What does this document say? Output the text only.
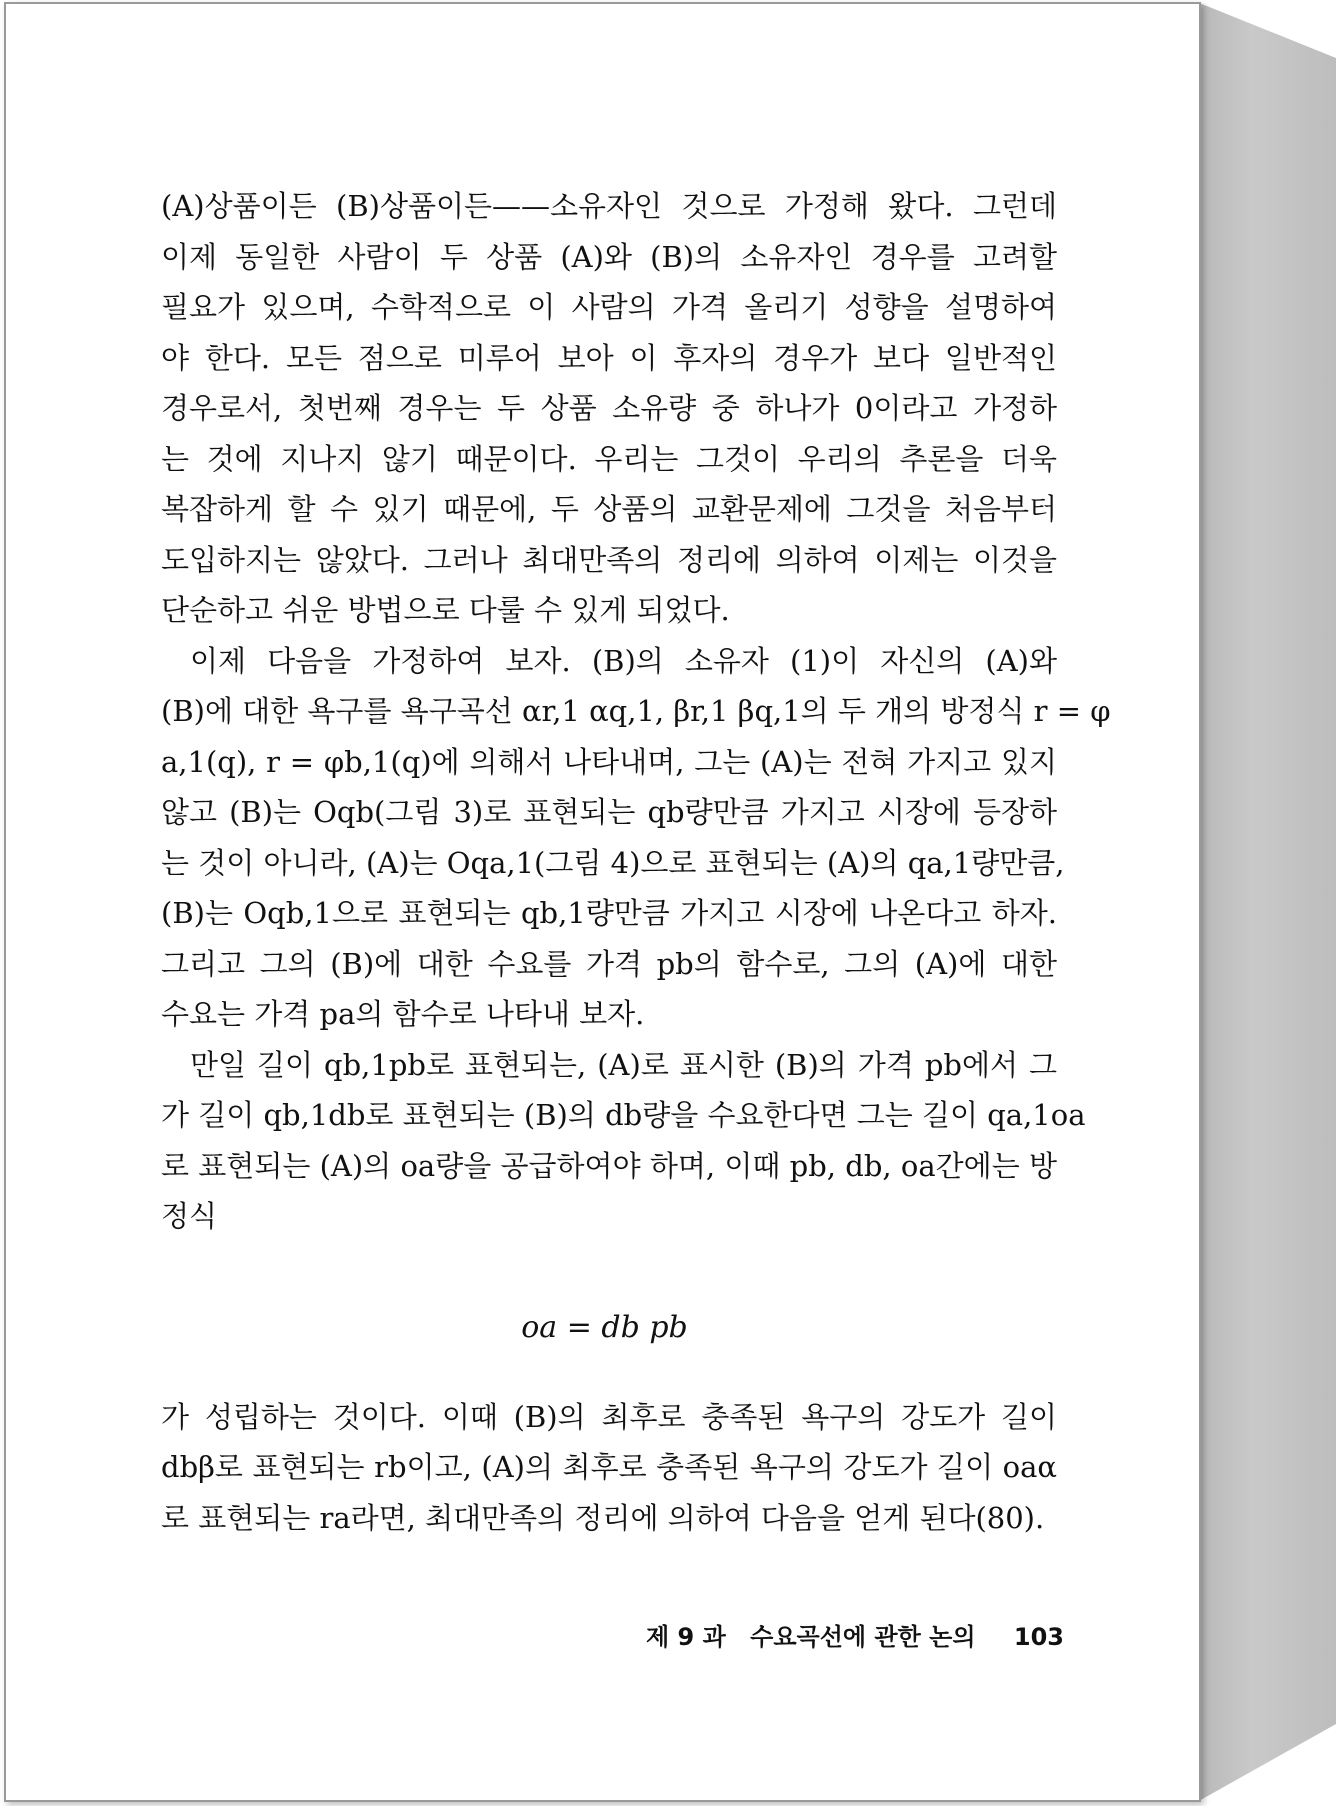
(A)상품이든 (B)상품이든——소유자인 것으로 가정해 왔다. 그런데
이제 동일한 사람이 두 상품 (A)와 (B)의 소유자인 경우를 고려할
필요가 있으며, 수학적으로 이 사람의 가격 올리기 성향을 설명하여
야 한다. 모든 점으로 미루어 보아 이 후자의 경우가 보다 일반적인
경우로서, 첫번째 경우는 두 상품 소유량 중 하나가 0이라고 가정하
는 것에 지나지 않기 때문이다. 우리는 그것이 우리의 추론을 더욱
복잡하게 할 수 있기 때문에, 두 상품의 교환문제에 그것을 처음부터
도입하지는 않았다. 그러나 최대만족의 정리에 의하여 이제는 이것을
단순하고 쉬운 방법으로 다룰 수 있게 되었다.
이제 다음을 가정하여 보자. (B)의 소유자 (1)이 자신의 (A)와
(B)에 대한 욕구를 욕구곡선 αr,1 αq,1, βr,1 βq,1의 두 개의 방정식 r = φ
a,1(q), r = φb,1(q)에 의해서 나타내며, 그는 (A)는 전혀 가지고 있지
않고 (B)는 Oqb(그림 3)로 표현되는 qb량만큼 가지고 시장에 등장하
는 것이 아니라, (A)는 Oqa,1(그림 4)으로 표현되는 (A)의 qa,1량만큼,
(B)는 Oqb,1으로 표현되는 qb,1량만큼 가지고 시장에 나온다고 하자.
그리고 그의 (B)에 대한 수요를 가격 pb의 함수로, 그의 (A)에 대한
수요는 가격 pa의 함수로 나타내 보자.
만일 길이 qb,1pb로 표현되는, (A)로 표시한 (B)의 가격 pb에서 그
가 길이 qb,1db로 표현되는 (B)의 db량을 수요한다면 그는 길이 qa,1oa
로 표현되는 (A)의 oa량을 공급하여야 하며, 이때 pb, db, oa간에는 방
정식
가 성립하는 것이다. 이때 (B)의 최후로 충족된 욕구의 강도가 길이
dbβ로 표현되는 rb이고, (A)의 최후로 충족된 욕구의 강도가 길이 oaα
로 표현되는 ra라면, 최대만족의 정리에 의하여 다음을 얻게 된다(80).
oa = db pb
제 9 과 수요곡선에 관한 논의 103
